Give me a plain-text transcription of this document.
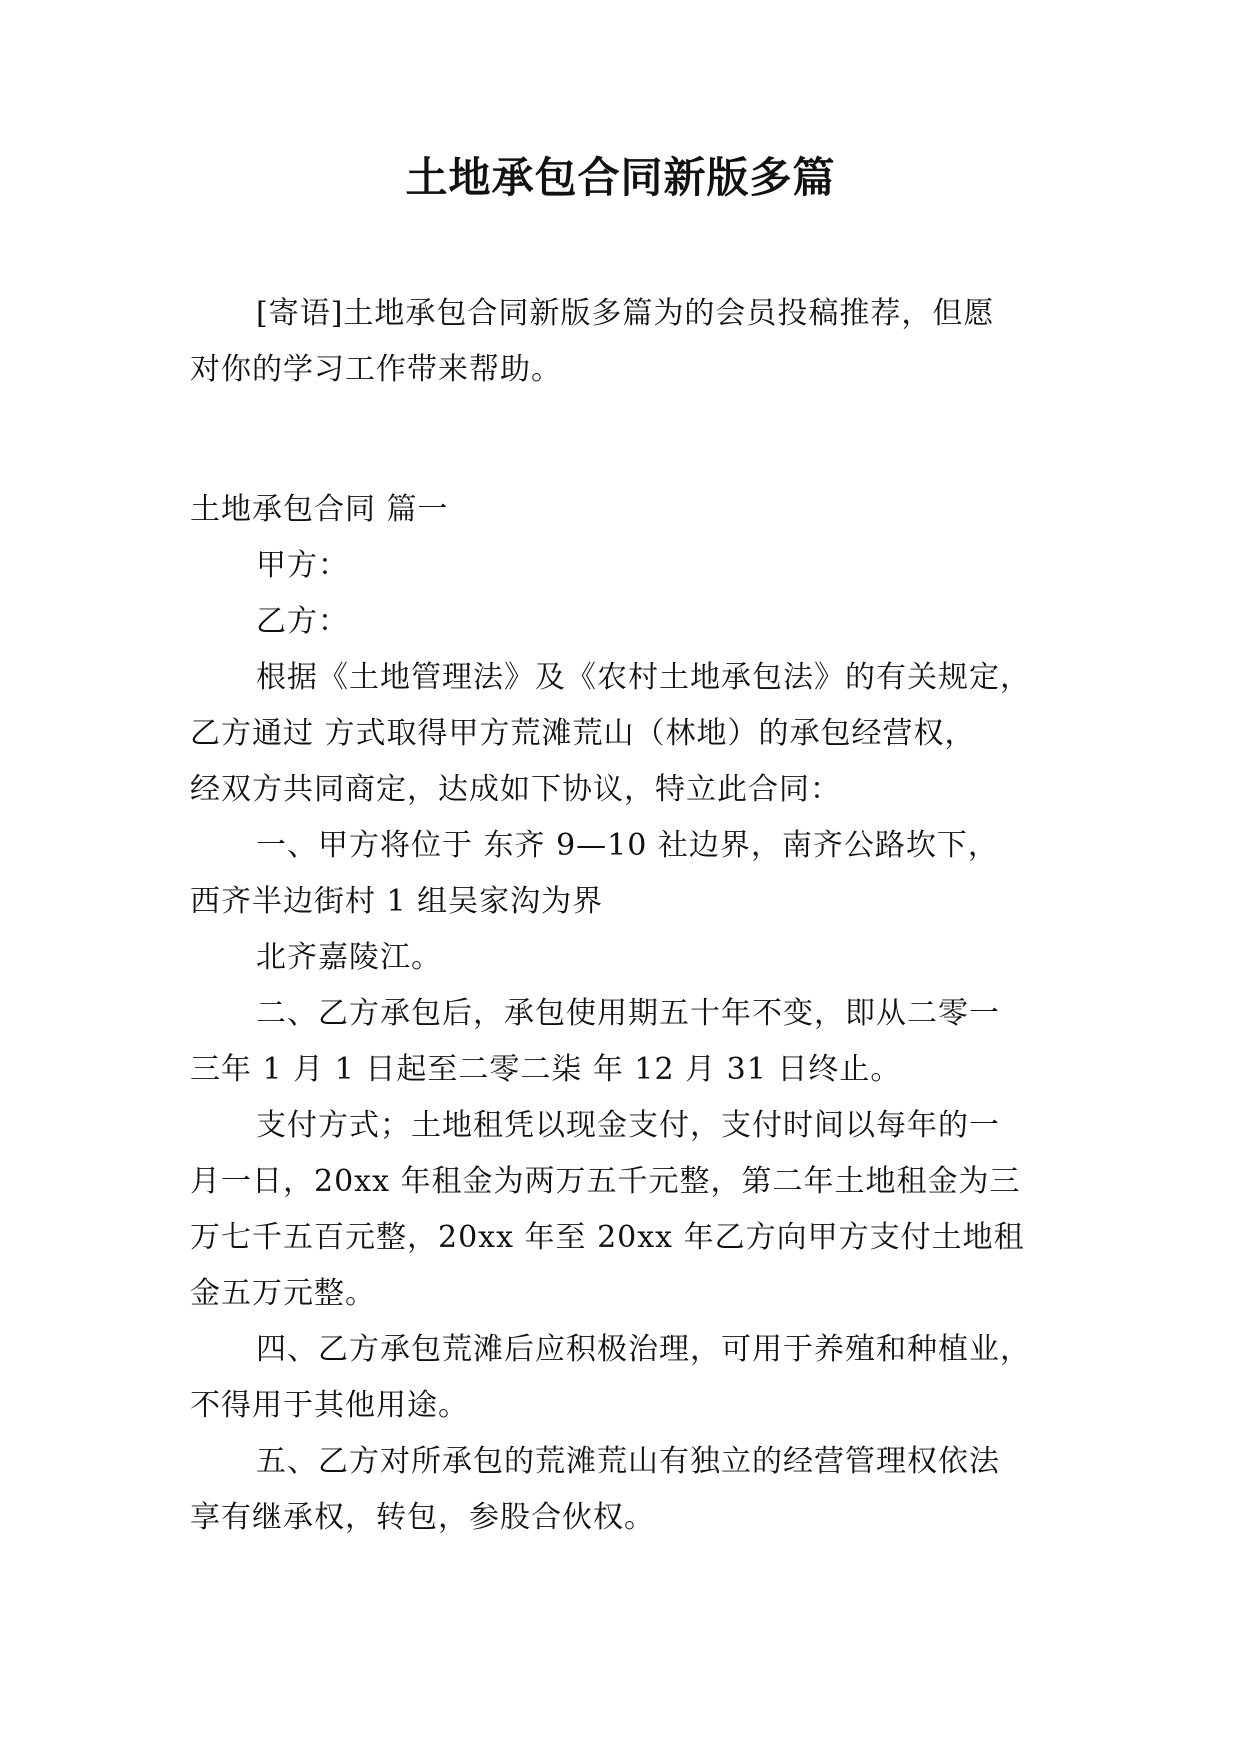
土地承包合同新版多篇
[寄语]土地承包合同新版多篇为的会员投稿推荐，但愿
对你的学习工作带来帮助。
土地承包合同 篇一
甲方：
乙方：
根据《土地管理法》及《农村土地承包法》的有关规定，
乙方通过 方式取得甲方荒滩荒山（林地）的承包经营权，
经双方共同商定，达成如下协议，特立此合同：
一、甲方将位于 东齐 9—10 社边界，南齐公路坎下，
西齐半边街村 1 组吴家沟为界
北齐嘉陵江。
二、乙方承包后，承包使用期五十年不变，即从二零一
三年 1 月 1 日起至二零二柒 年 12 月 31 日终止。
支付方式；土地租凭以现金支付，支付时间以每年的一
月一日，20xx 年租金为两万五千元整，第二年土地租金为三
万七千五百元整，20xx 年至 20xx 年乙方向甲方支付土地租
金五万元整。
四、乙方承包荒滩后应积极治理，可用于养殖和种植业，
不得用于其他用途。
五、乙方对所承包的荒滩荒山有独立的经营管理权依法
享有继承权，转包，参股合伙权。
